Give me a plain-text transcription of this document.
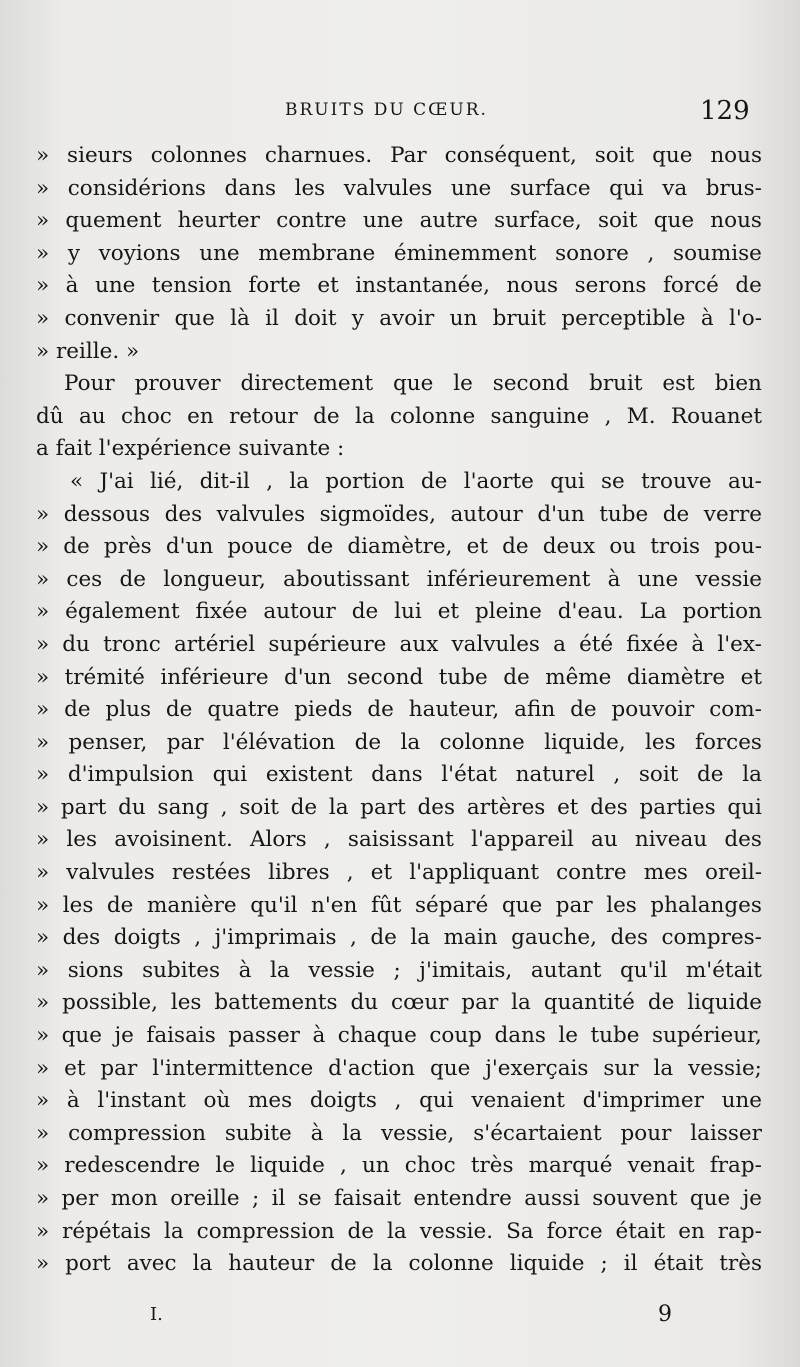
BRUITS DU CŒUR.	129
» sieurs colonnes charnues. Par conséquent, soit que nous
» considérions dans les valvules une surface qui va brus-
» quement heurter contre une autre surface, soit que nous
» y voyions une membrane éminemment sonore , soumise
» à une tension forte et instantanée, nous serons forcé de
» convenir que là il doit y avoir un bruit perceptible à l'o-
» reille. »
Pour prouver directement que le second bruit est bien
dû au choc en retour de la colonne sanguine , M. Rouanet
a fait l'expérience suivante :
« J'ai lié, dit-il , la portion de l'aorte qui se trouve au-
» dessous des valvules sigmoïdes, autour d'un tube de verre
» de près d'un pouce de diamètre, et de deux ou trois pou-
» ces de longueur, aboutissant inférieurement à une vessie
» également fixée autour de lui et pleine d'eau. La portion
» du tronc artériel supérieure aux valvules a été fixée à l'ex-
» trémité inférieure d'un second tube de même diamètre et
» de plus de quatre pieds de hauteur, afin de pouvoir com-
» penser, par l'élévation de la colonne liquide, les forces
» d'impulsion qui existent dans l'état naturel , soit de la
» part du sang , soit de la part des artères et des parties qui
» les avoisinent. Alors , saisissant l'appareil au niveau des
» valvules restées libres , et l'appliquant contre mes oreil-
» les de manière qu'il n'en fût séparé que par les phalanges
» des doigts , j'imprimais , de la main gauche, des compres-
» sions subites à la vessie ; j'imitais, autant qu'il m'était
» possible, les battements du cœur par la quantité de liquide
» que je faisais passer à chaque coup dans le tube supérieur,
» et par l'intermittence d'action que j'exerçais sur la vessie;
» à l'instant où mes doigts , qui venaient d'imprimer une
» compression subite à la vessie, s'écartaient pour laisser
» redescendre le liquide , un choc très marqué venait frap-
» per mon oreille ; il se faisait entendre aussi souvent que je
» répétais la compression de la vessie. Sa force était en rap-
» port avec la hauteur de la colonne liquide ; il était très
I.	9
